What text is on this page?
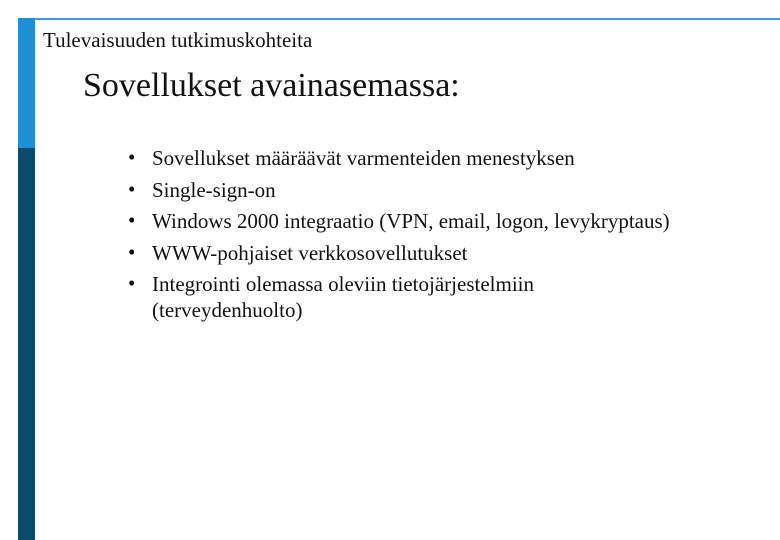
Tulevaisuuden tutkimuskohteita
Sovellukset avainasemassa:
• Sovellukset määräävät varmenteiden menestyksen
• Single-sign-on
• Windows 2000 integraatio (VPN, email, logon, levykryptaus)
• WWW-pohjaiset verkkosovellutukset
• Integrointi olemassa oleviin tietojärjestelmiin
(terveydenhuolto)
